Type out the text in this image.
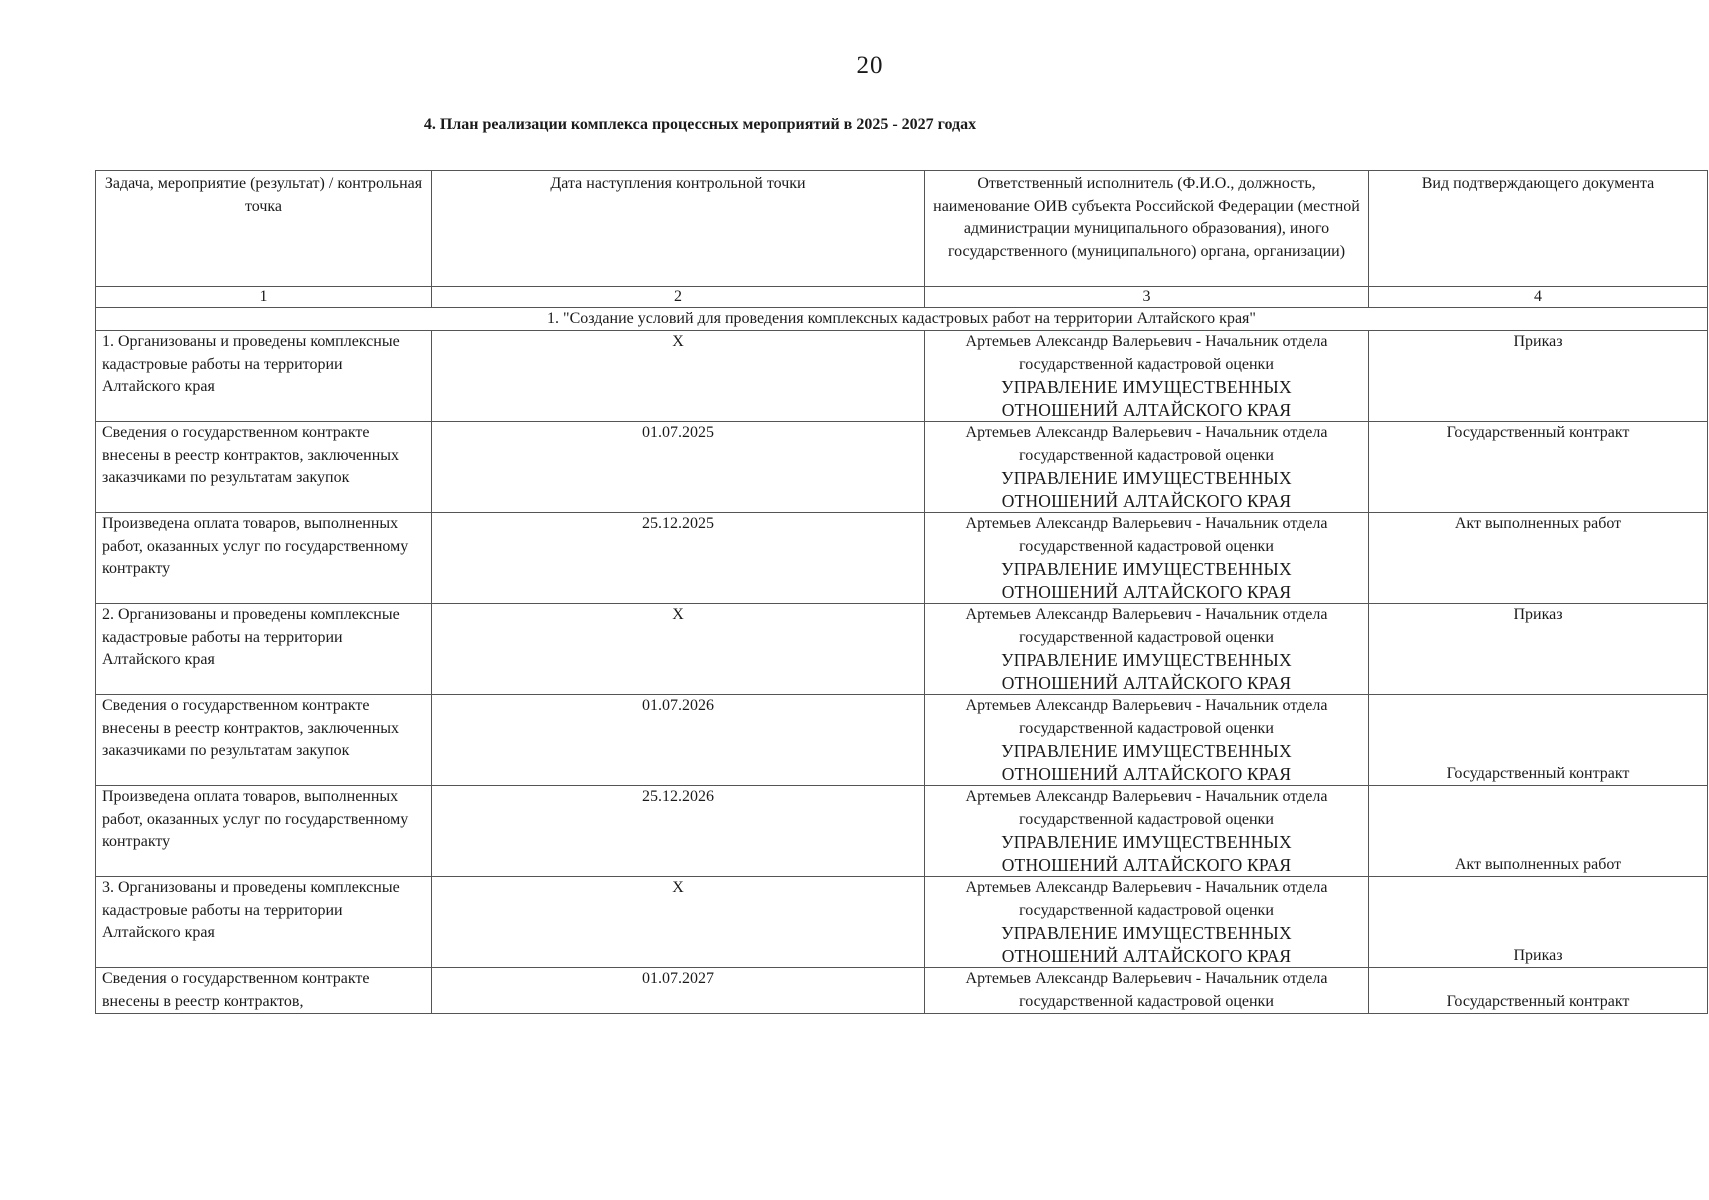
20
4. План реализации комплекса процессных мероприятий в 2025 - 2027 годах
Задача, мероприятие (результат) / контрольная точка	Дата наступления контрольной точки	Ответственный исполнитель (Ф.И.О., должность, наименование ОИВ субъекта Российской Федерации (местной администрации муниципального образования), иного государственного (муниципального) органа, организации)	Вид подтверждающего документа
1	2	3	4
1. "Создание условий для проведения комплексных кадастровых работ на территории Алтайского края"			
1. Организованы и проведены комплексные кадастровые работы на территории Алтайского края	X	Артемьев Александр Валерьевич - Начальник отдела
государственной кадастровой оценки
УПРАВЛЕНИЕ ИМУЩЕСТВЕННЫХ
ОТНОШЕНИЙ АЛТАЙСКОГО КРАЯ	Приказ
Сведения о государственном контракте внесены в реестр контрактов, заключенных заказчиками по результатам закупок	01.07.2025	Артемьев Александр Валерьевич - Начальник отдела
государственной кадастровой оценки
УПРАВЛЕНИЕ ИМУЩЕСТВЕННЫХ
ОТНОШЕНИЙ АЛТАЙСКОГО КРАЯ	Государственный контракт
Произведена оплата товаров, выполненных работ, оказанных услуг по государственному контракту	25.12.2025	Артемьев Александр Валерьевич - Начальник отдела
государственной кадастровой оценки
УПРАВЛЕНИЕ ИМУЩЕСТВЕННЫХ
ОТНОШЕНИЙ АЛТАЙСКОГО КРАЯ	Акт выполненных работ
2. Организованы и проведены комплексные кадастровые работы на территории Алтайского края	X	Артемьев Александр Валерьевич - Начальник отдела
государственной кадастровой оценки
УПРАВЛЕНИЕ ИМУЩЕСТВЕННЫХ
ОТНОШЕНИЙ АЛТАЙСКОГО КРАЯ	Приказ
Сведения о государственном контракте внесены в реестр контрактов, заключенных заказчиками по результатам закупок	01.07.2026	Артемьев Александр Валерьевич - Начальник отдела
государственной кадастровой оценки
УПРАВЛЕНИЕ ИМУЩЕСТВЕННЫХ
ОТНОШЕНИЙ АЛТАЙСКОГО КРАЯ	Государственный контракт
Произведена оплата товаров, выполненных работ, оказанных услуг по государственному контракту	25.12.2026	Артемьев Александр Валерьевич - Начальник отдела
государственной кадастровой оценки
УПРАВЛЕНИЕ ИМУЩЕСТВЕННЫХ
ОТНОШЕНИЙ АЛТАЙСКОГО КРАЯ	Акт выполненных работ
3. Организованы и проведены комплексные кадастровые работы на территории Алтайского края	X	Артемьев Александр Валерьевич - Начальник отдела
государственной кадастровой оценки
УПРАВЛЕНИЕ ИМУЩЕСТВЕННЫХ
ОТНОШЕНИЙ АЛТАЙСКОГО КРАЯ	Приказ
Сведения о государственном контракте внесены в реестр контрактов,	01.07.2027	Артемьев Александр Валерьевич - Начальник отдела
государственной кадастровой оценки	Государственный контракт
